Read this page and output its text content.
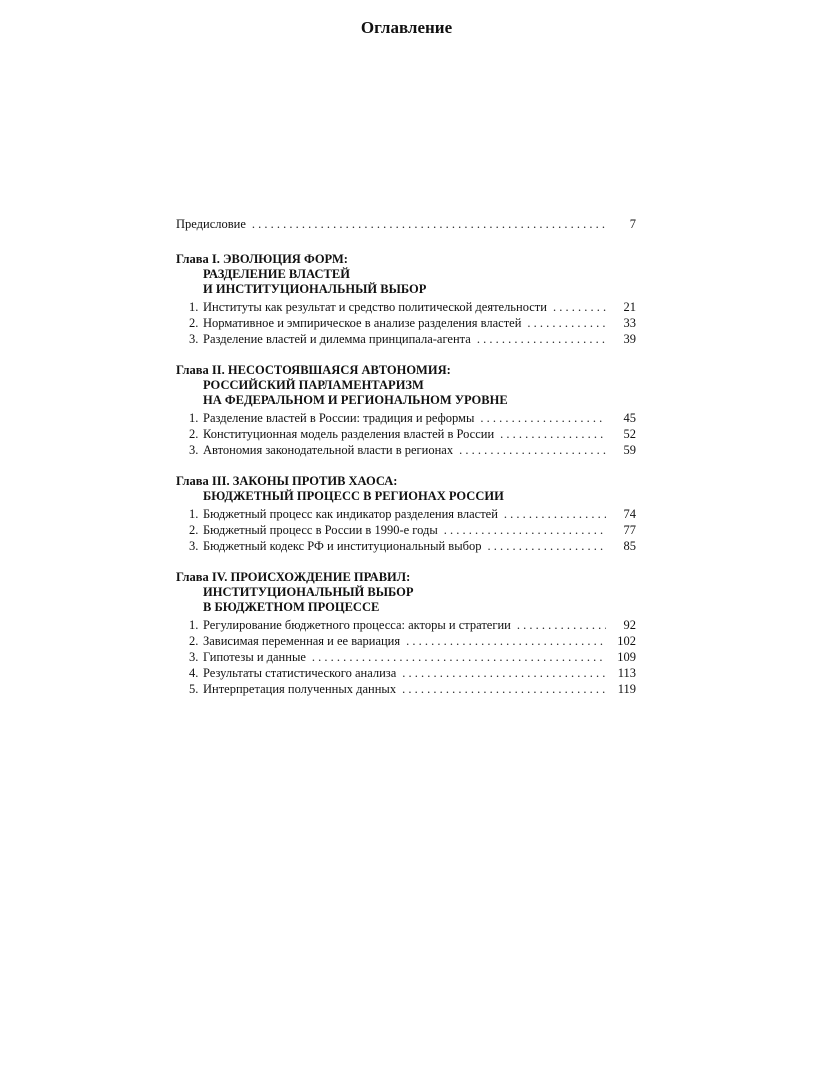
Оглавление
Предисловие . . .	7
Глава I. ЭВОЛЮЦИЯ ФОРМ:
РАЗДЕЛЕНИЕ ВЛАСТЕЙ
И ИНСТИТУЦИОНАЛЬНЫЙ ВЫБОР
1. Институты как результат и средство политической деятельности . . .	21
2. Нормативное и эмпирическое в анализе разделения властей . . .	33
3. Разделение властей и дилемма принципала-агента . . .	39
Глава II. НЕСОСТОЯВШАЯСЯ АВТОНОМИЯ:
РОССИЙСКИЙ ПАРЛАМЕНТАРИЗМ
НА ФЕДЕРАЛЬНОМ И РЕГИОНАЛЬНОМ УРОВНЕ
1. Разделение властей в России: традиция и реформы . . .	45
2. Конституционная модель разделения властей в России . . .	52
3. Автономия законодательной власти в регионах . . .	59
Глава III. ЗАКОНЫ ПРОТИВ ХАОСА:
БЮДЖЕТНЫЙ ПРОЦЕСС В РЕГИОНАХ РОССИИ
1. Бюджетный процесс как индикатор разделения властей . . .	74
2. Бюджетный процесс в России в 1990-е годы . . .	77
3. Бюджетный кодекс РФ и институциональный выбор . . .	85
Глава IV. ПРОИСХОЖДЕНИЕ ПРАВИЛ:
ИНСТИТУЦИОНАЛЬНЫЙ ВЫБОР
В БЮДЖЕТНОМ ПРОЦЕССЕ
1. Регулирование бюджетного процесса: акторы и стратегии . . .	92
2. Зависимая переменная и ее вариация . . .	102
3. Гипотезы и данные . . .	109
4. Результаты статистического анализа . . .	113
5. Интерпретация полученных данных . . .	119
